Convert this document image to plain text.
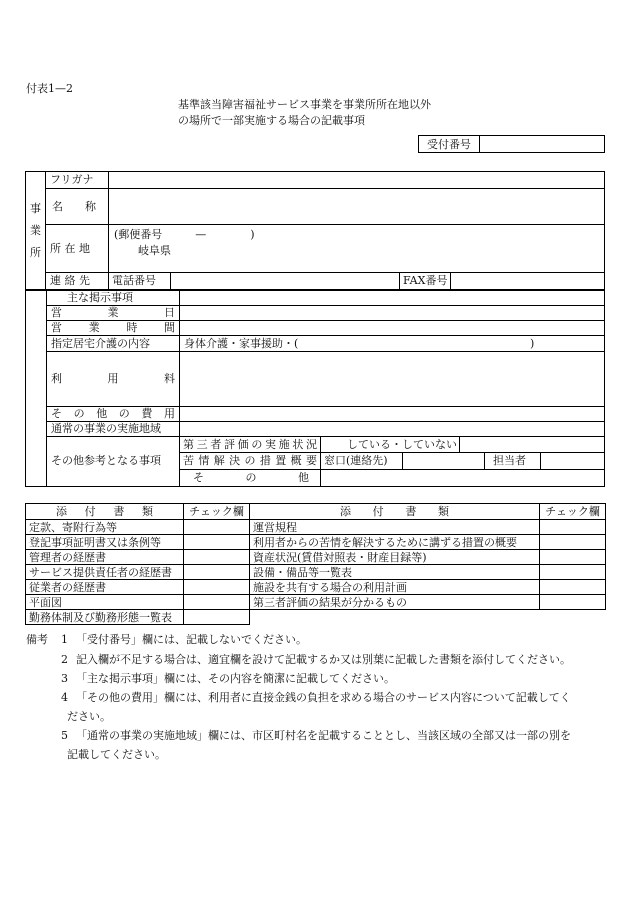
付表1—2
基準該当障害福祉サービス事業を事業所所在地以外
の場所で一部実施する場合の記載事項
受付番号	
事
業
所
フリガナ
名　　称
所 在 地
(郵便番号　　　—　　　　)
岐阜県
連 絡 先 電話番号	FAX番号
主な掲示事項
営 業 日
営 業 時 間
指定居宅介護の内容	身体介護・家事援助・(	)
利 用 料
その他の費用
通常の事業の実施地域
その他参考となる事項
第三者評価の実施状況	している・していない
苦情解決の措置概要 窓口(連絡先)	担当者
そ　の　他
添 付 書 類	チェック欄	添 付 書 類	チェック欄
定款、寄附行為等		運営規程	
登記事項証明書又は条例等		利用者からの苦情を解決するために講ずる措置の概要	
管理者の経歴書		資産状況(賃借対照表・財産目録等)	
サービス提供責任者の経歴書		設備・備品等一覧表	
従業者の経歴書		施設を共有する場合の利用計画	
平面図		第三者評価の結果が分かるもの	
勤務体制及び勤務形態一覧表			
備考 1 「受付番号」欄には、記載しないでください。
2 記入欄が不足する場合は、適宜欄を設けて記載するか又は別葉に記載した書類を添付してください。
3 「主な掲示事項」欄には、その内容を簡潔に記載してください。
4 「その他の費用」欄には、利用者に直接金銭の負担を求める場合のサービス内容について記載してく
ださい。
5 「通常の事業の実施地域」欄には、市区町村名を記載することとし、当該区域の全部又は一部の別を
記載してください。
